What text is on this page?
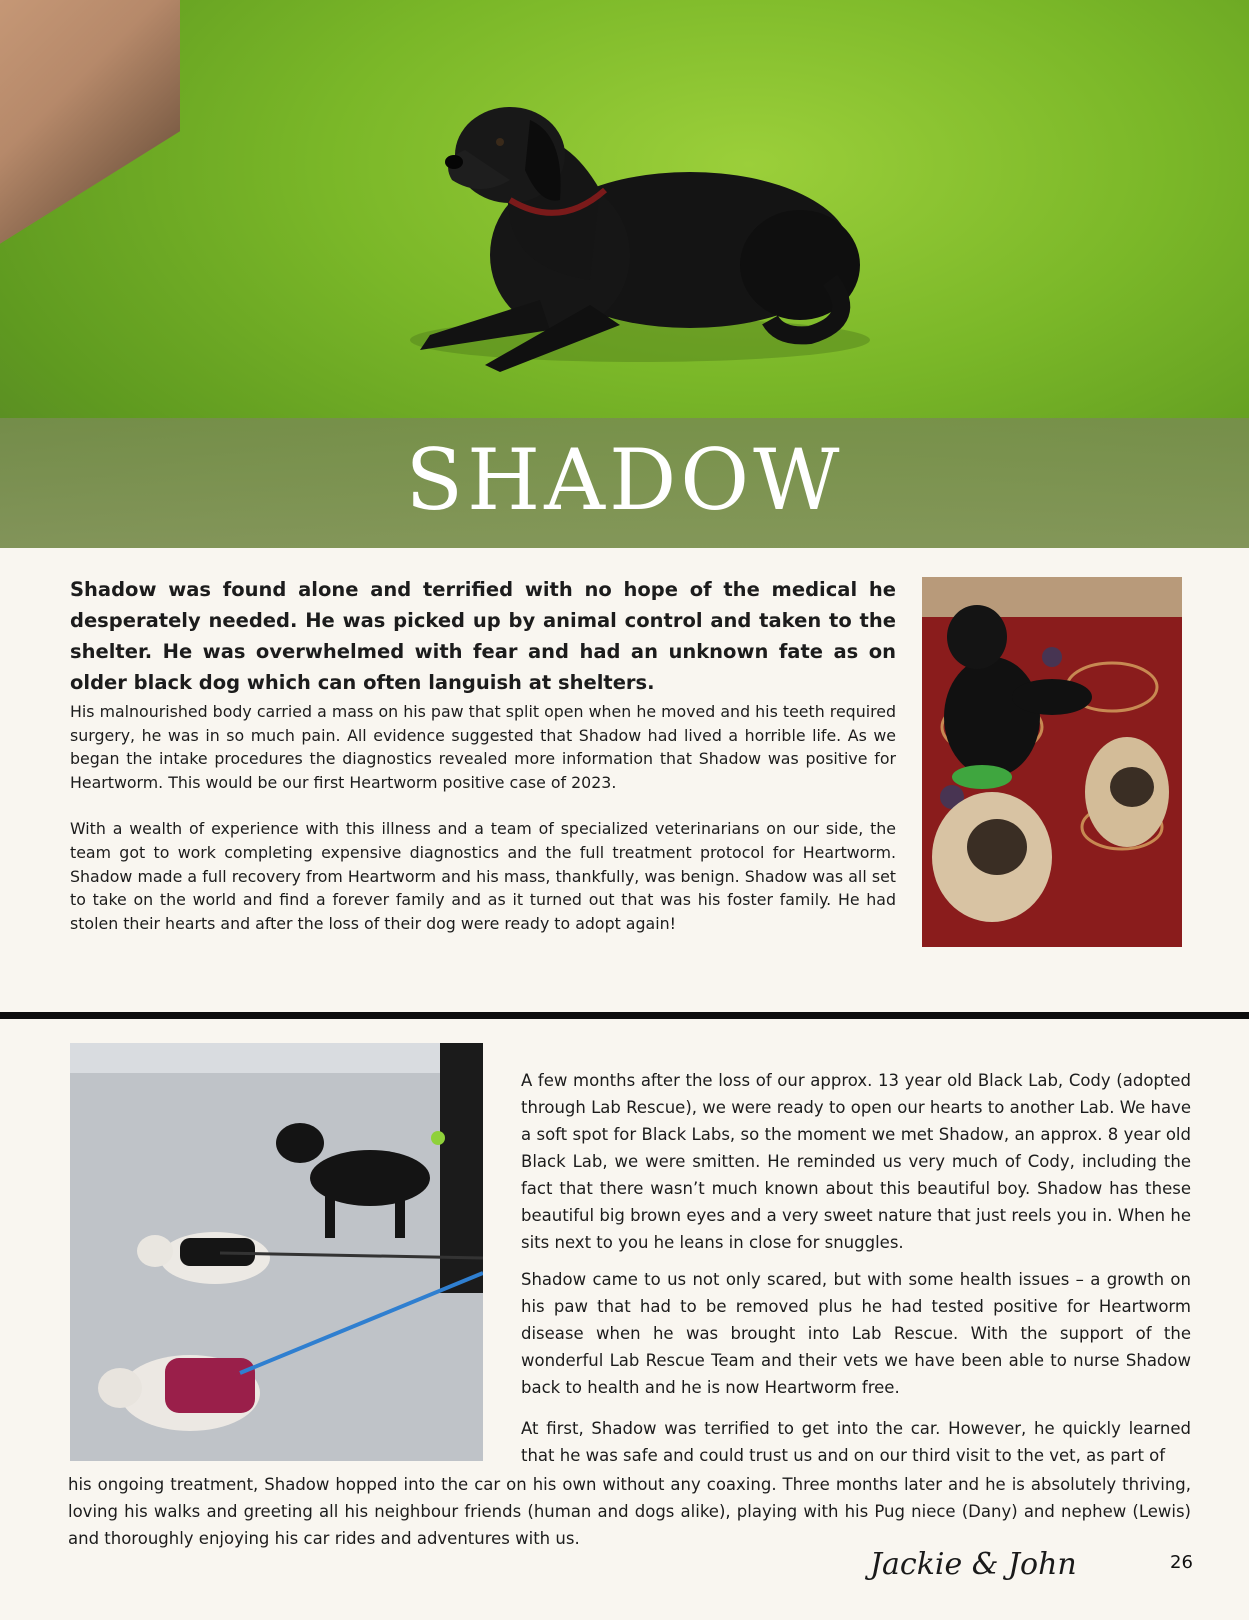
SHADOW

Shadow was found alone and terrified with no hope of the medical he desperately needed. He was picked up by animal control and taken to the shelter. He was overwhelmed with fear and had an unknown fate as on older black dog which can often languish at shelters.

His malnourished body carried a mass on his paw that split open when he moved and his teeth required surgery, he was in so much pain. All evidence suggested that Shadow had lived a horrible life. As we began the intake procedures the diagnostics revealed more information that Shadow was positive for Heartworm. This would be our first Heartworm positive case of 2023.

With a wealth of experience with this illness and a team of specialized veterinarians on our side, the team got to work completing expensive diagnostics and the full treatment protocol for Heartworm. Shadow made a full recovery from Heartworm and his mass, thankfully, was benign. Shadow was all set to take on the world and find a forever family and as it turned out that was his foster family. He had stolen their hearts and after the loss of their dog were ready to adopt again!

A few months after the loss of our approx. 13 year old Black Lab, Cody (adopted through Lab Rescue), we were ready to open our hearts to another Lab. We have a soft spot for Black Labs, so the moment we met Shadow, an approx. 8 year old Black Lab, we were smitten. He reminded us very much of Cody, including the fact that there wasn’t much known about this beautiful boy. Shadow has these beautiful big brown eyes and a very sweet nature that just reels you in. When he sits next to you he leans in close for snuggles.

Shadow came to us not only scared, but with some health issues – a growth on his paw that had to be removed plus he had tested positive for Heartworm disease when he was brought into Lab Rescue. With the support of the wonderful Lab Rescue Team and their vets we have been able to nurse Shadow back to health and he is now Heartworm free.

At first, Shadow was terrified to get into the car. However, he quickly learned that he was safe and could trust us and on our third visit to the vet, as part of

his ongoing treatment, Shadow hopped into the car on his own without any coaxing. Three months later and he is absolutely thriving, loving his walks and greeting all his neighbour friends (human and dogs alike), playing with his Pug niece (Dany) and nephew (Lewis) and thoroughly enjoying his car rides and adventures with us.

Jackie & John	26
